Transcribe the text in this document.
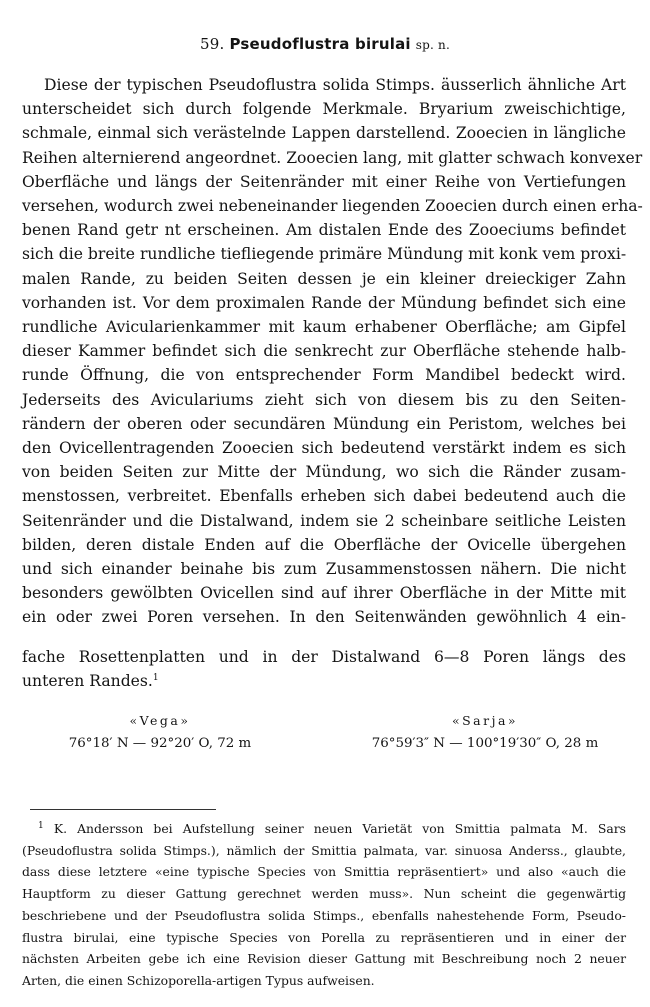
59. Pseudoflustra birulai sp. n.
Diese der typischen Pseudoflustra solida Stimps. äusserlich ähnliche Art
unterscheidet sich durch folgende Merkmale. Bryarium zweischichtige,
schmale, einmal sich verästelnde Lappen darstellend. Zooecien in längliche
Reihen alternierend angeordnet. Zooecien lang, mit glatter schwach konvexer
Oberfläche und längs der Seitenränder mit einer Reihe von Vertiefungen
versehen, wodurch zwei nebeneinander liegenden Zooecien durch einen erha-
benen Rand getr nt erscheinen. Am distalen Ende des Zooeciums befindet
sich die breite rundliche tiefliegende primäre Mündung mit konk vem proxi-
malen Rande, zu beiden Seiten dessen je ein kleiner dreieckiger Zahn
vorhanden ist. Vor dem proximalen Rande der Mündung befindet sich eine
rundliche Avicularienkammer mit kaum erhabener Oberfläche; am Gipfel
dieser Kammer befindet sich die senkrecht zur Oberfläche stehende halb-
runde Öffnung, die von entsprechender Form Mandibel bedeckt wird.
Jederseits des Aviculariums zieht sich von diesem bis zu den Seiten-
rändern der oberen oder secundären Mündung ein Peristom, welches bei
den Ovicellentragenden Zooecien sich bedeutend verstärkt indem es sich
von beiden Seiten zur Mitte der Mündung, wo sich die Ränder zusam-
menstossen, verbreitet. Ebenfalls erheben sich dabei bedeutend auch die
Seitenränder und die Distalwand, indem sie 2 scheinbare seitliche Leisten
bilden, deren distale Enden auf die Oberfläche der Ovicelle übergehen
und sich einander beinahe bis zum Zusammenstossen nähern. Die nicht
besonders gewölbten Ovicellen sind auf ihrer Oberfläche in der Mitte mit
ein oder zwei Poren versehen. In den Seitenwänden gewöhnlich 4 ein-
fache Rosettenplatten und in der Distalwand 6—8 Poren längs des
unteren Randes.$^1$
«Vega»
76°18′ N — 92°20′ O, 72 m
«Sarja»
76°59′3″ N — 100°19′30″ O, 28 m
$^1$ K. Andersson bei Aufstellung seiner neuen Varietät von Smittia palmata M. Sars
(Pseudoflustra solida Stimps.), nämlich der Smittia palmata, var. sinuosa Anderss., glaubte,
dass diese letztere «eine typische Species von Smittia repräsentiert» und also «auch die
Hauptform zu dieser Gattung gerechnet werden muss». Nun scheint die gegenwärtig
beschriebene und der Pseudoflustra solida Stimps., ebenfalls nahestehende Form, Pseudo-
flustra birulai, eine typische Species von Porella zu repräsentieren und in einer der
nächsten Arbeiten gebe ich eine Revision dieser Gattung mit Beschreibung noch 2 neuer
Arten, die einen Schizoporella-artigen Typus aufweisen.
